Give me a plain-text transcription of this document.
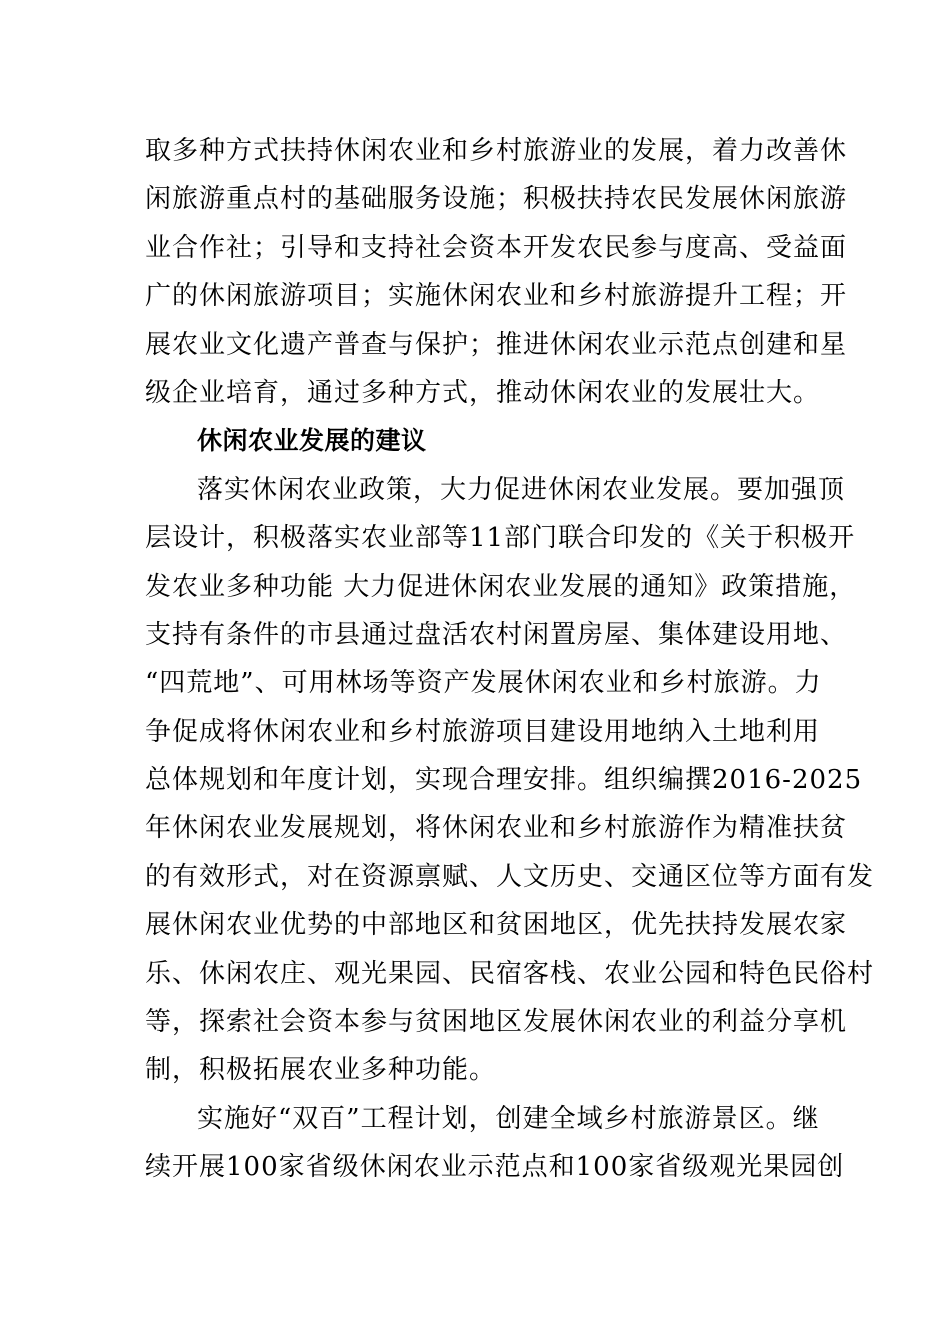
取多种方式扶持休闲农业和乡村旅游业的发展，着力改善休
闲旅游重点村的基础服务设施；积极扶持农民发展休闲旅游
业合作社；引导和支持社会资本开发农民参与度高、受益面
广的休闲旅游项目；实施休闲农业和乡村旅游提升工程；开
展农业文化遗产普查与保护；推进休闲农业示范点创建和星
级企业培育，通过多种方式，推动休闲农业的发展壮大。
休闲农业发展的建议
落实休闲农业政策，大力促进休闲农业发展。要加强顶
层设计，积极落实农业部等11部门联合印发的《关于积极开
发农业多种功能 大力促进休闲农业发展的通知》政策措施，
支持有条件的市县通过盘活农村闲置房屋、集体建设用地、
“四荒地”、可用林场等资产发展休闲农业和乡村旅游。力
争促成将休闲农业和乡村旅游项目建设用地纳入土地利用
总体规划和年度计划，实现合理安排。组织编撰2016-2025
年休闲农业发展规划，将休闲农业和乡村旅游作为精准扶贫
的有效形式，对在资源禀赋、人文历史、交通区位等方面有发
展休闲农业优势的中部地区和贫困地区，优先扶持发展农家
乐、休闲农庄、观光果园、民宿客栈、农业公园和特色民俗村
等，探索社会资本参与贫困地区发展休闲农业的利益分享机
制，积极拓展农业多种功能。
实施好“双百”工程计划，创建全域乡村旅游景区。继
续开展100家省级休闲农业示范点和100家省级观光果园创
